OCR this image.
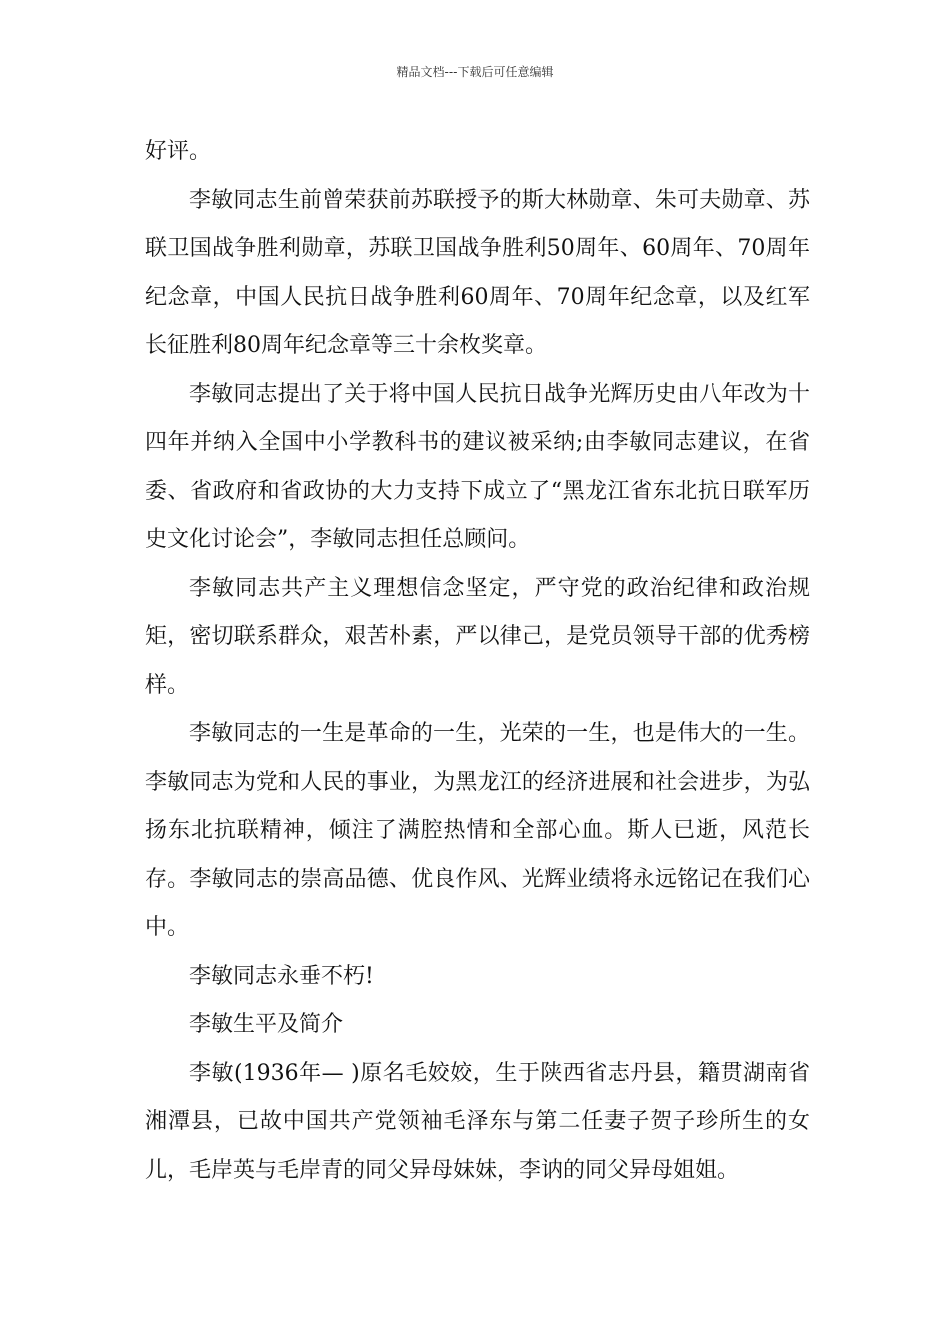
精品文档---下载后可任意编辑

好评。

李敏同志生前曾荣获前苏联授予的斯大林勋章、朱可夫勋章、苏联卫国战争胜利勋章，苏联卫国战争胜利50周年、60周年、70周年纪念章，中国人民抗日战争胜利60周年、70周年纪念章，以及红军长征胜利80周年纪念章等三十余枚奖章。

李敏同志提出了关于将中国人民抗日战争光辉历史由八年改为十四年并纳入全国中小学教科书的建议被采纳;由李敏同志建议，在省委、省政府和省政协的大力支持下成立了“黑龙江省东北抗日联军历史文化讨论会”，李敏同志担任总顾问。

李敏同志共产主义理想信念坚定，严守党的政治纪律和政治规矩，密切联系群众，艰苦朴素，严以律己，是党员领导干部的优秀榜样。

李敏同志的一生是革命的一生，光荣的一生，也是伟大的一生。李敏同志为党和人民的事业，为黑龙江的经济进展和社会进步，为弘扬东北抗联精神，倾注了满腔热情和全部心血。斯人已逝，风范长存。李敏同志的崇高品德、优良作风、光辉业绩将永远铭记在我们心中。

李敏同志永垂不朽!

李敏生平及简介

李敏(1936年— )原名毛姣姣，生于陕西省志丹县，籍贯湖南省湘潭县，已故中国共产党领袖毛泽东与第二任妻子贺子珍所生的女儿，毛岸英与毛岸青的同父异母妹妹，李讷的同父异母姐姐。
